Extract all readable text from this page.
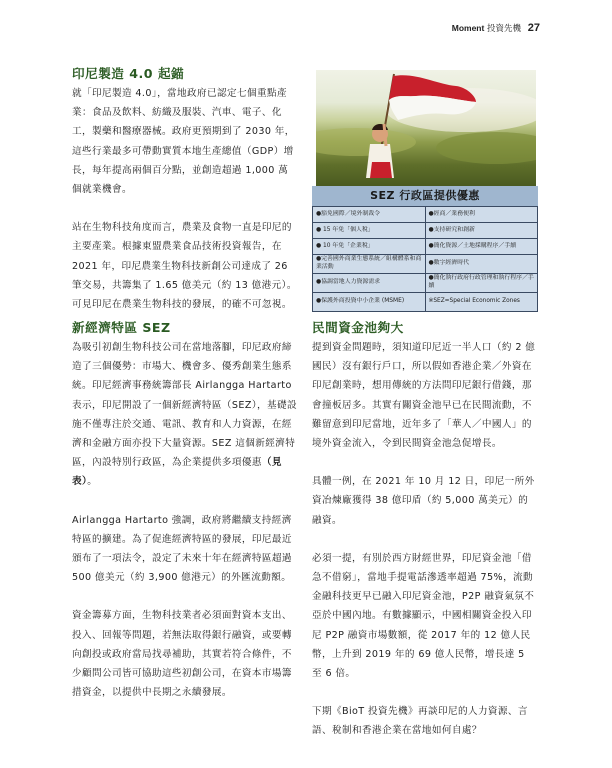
Moment 投資先機 27
印尼製造 4.0 起錨

就「印尼製造 4.0」，當地政府已認定七個重點產業：食品及飲料、紡織及服裝、汽車、電子、化工，製藥和醫療器械。政府更預期到了 2030 年，這些行業最多可帶動實質本地生產總值（GDP）增長，每年提高兩個百分點，並創造超過 1,000 萬個就業機會。

站在生物科技角度而言，農業及食物一直是印尼的主要產業。根據東盟農業食品技術投資報告，在 2021 年，印尼農業生物科技新創公司達成了 26 筆交易，共籌集了 1.65 億美元（約 13 億港元）。可見印尼在農業生物科技的發展，的確不可忽視。

新經濟特區 SEZ

為吸引初創生物科技公司在當地落腳，印尼政府締造了三個優勢：市場大、機會多、優秀創業生態系統。印尼經濟事務統籌部長 Airlangga Hartarto 表示，印尼開設了一個新經濟特區（SEZ），基礎設施不僅專注於交通、電訊、教育和人力資源，在經濟和金融方面亦投下大量資源。SEZ 這個新經濟特區，內設特別行政區，為企業提供多項優惠（見表）。

Airlangga Hartarto 強調，政府將繼續支持經濟特區的擴建。為了促進經濟特區的發展，印尼最近頒布了一項法令，設定了未來十年在經濟特區超過 500 億美元（約 3,900 億港元）的外匯流動額。

資金籌募方面，生物科技業者必須面對資本支出、投入、回報等問題，若無法取得銀行融資，或要轉向創投或政府當局找尋補助，其實若符合條件，不少顧問公司皆可協助這些初創公司，在資本市場籌措資金，以提供中長期之永續發展。

SEZ 行政區提供優惠
●豁免國際／境外制裁令	●經商／業務便利
● 15 年免「個人稅」	●支持研究和創新
● 10 年免「企業稅」	●簡化資源／土地採購程序／手續
●完善國外商業生態系統／組構體系和商業活動	●數字經濟時代
●協調當地人力資源需求	●簡化執行政府行政管理和執行程序／手續
●保護外商投資中小企業 (MSME)	※SEZ=Special Economic Zones
民間資金池夠大

提到資金問題時，須知道印尼近一半人口（約 2 億國民）沒有銀行戶口，所以假如香港企業／外資在印尼創業時，想用傳統的方法問印尼銀行借錢，那會撞板居多。其實有關資金池早已在民間流動，不難留意到印尼當地，近年多了「華人／中國人」的境外資金流入，令到民間資金池急促增長。

具體一例，在 2021 年 10 月 12 日，印尼一所外資冶煉廠獲得 38 億印盾（約 5,000 萬美元）的融資。

必須一提，有別於西方財經世界，印尼資金池「借急不借窮」，當地手提電話滲透率超過 75%，流動金融科技更早已融入印尼資金池，P2P 融資氣氛不亞於中國內地。有數據顯示，中國相關資金投入印尼 P2P 融資市場數額，從 2017 年的 12 億人民幣，上升到 2019 年的 69 億人民幣，增長達 5 至 6 倍。

下期《BioT 投資先機》再談印尼的人力資源、言語、稅制和香港企業在當地如何自處？
